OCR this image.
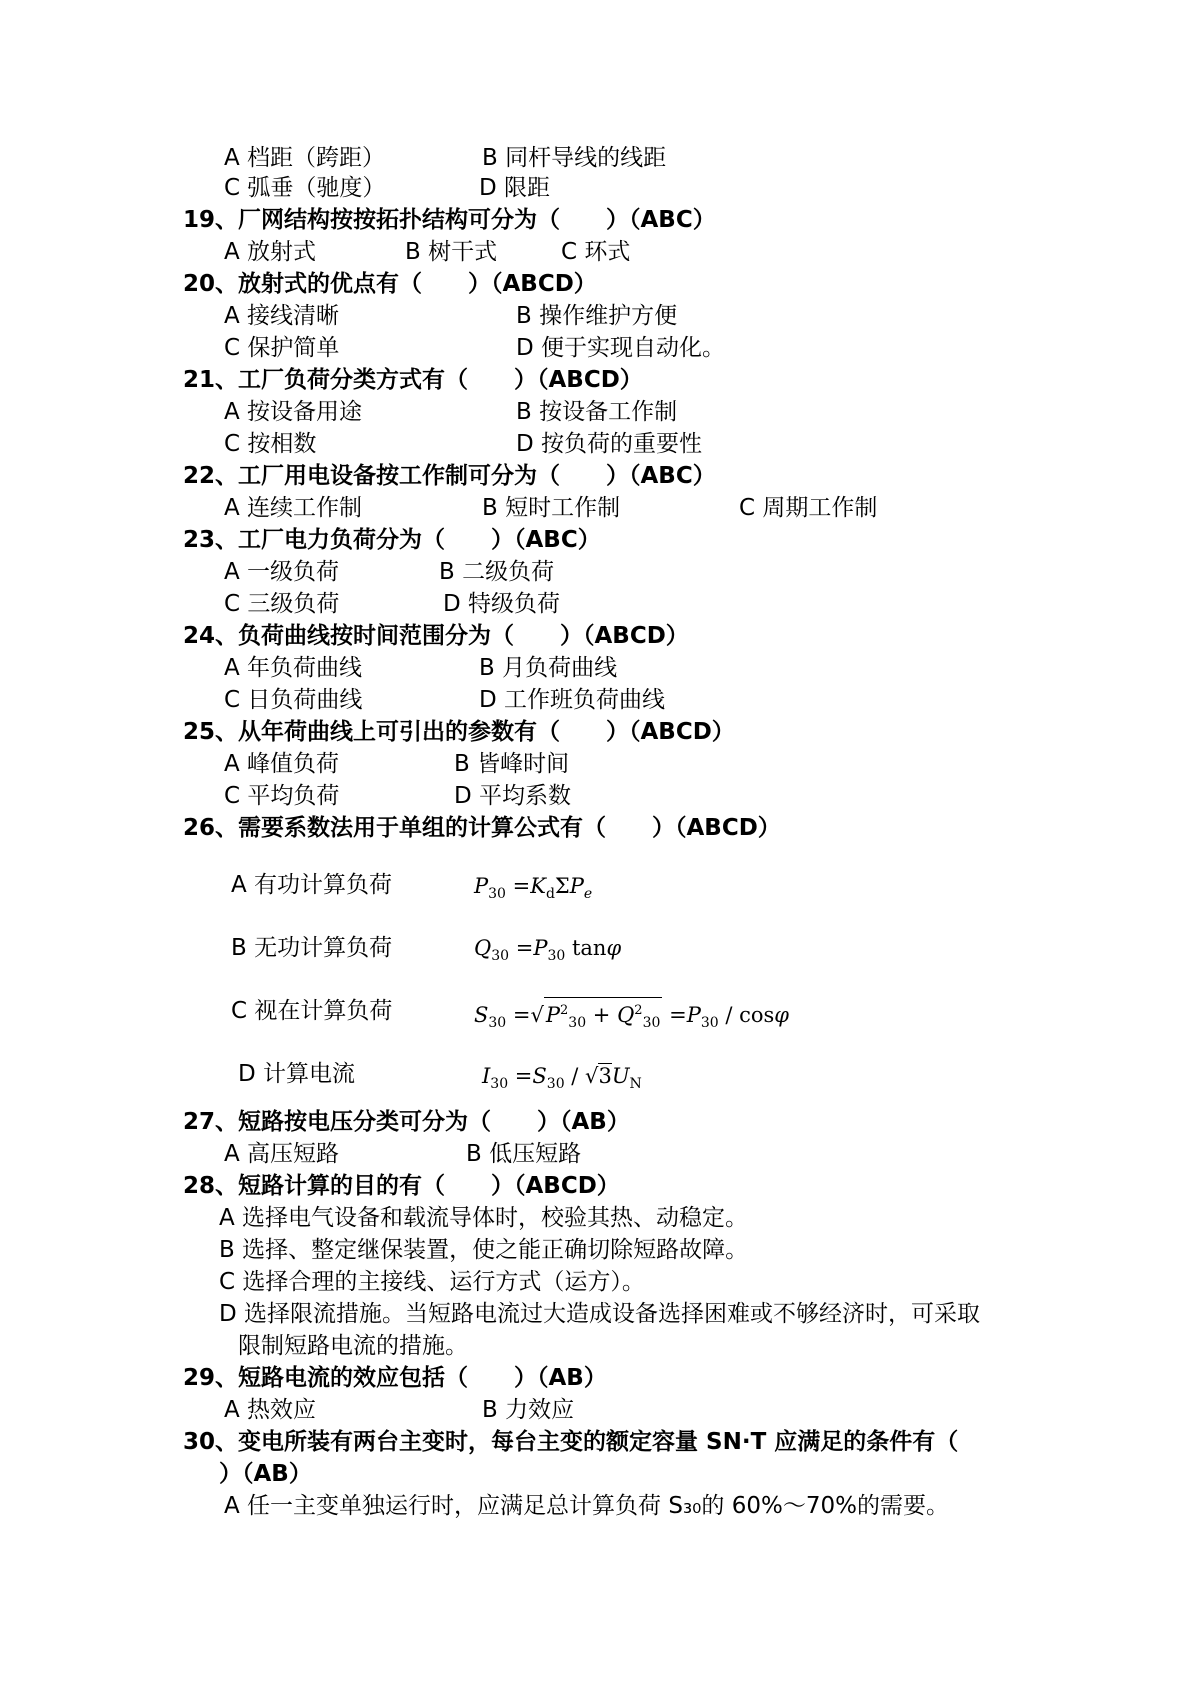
A 档距（跨距）	B 同杆导线的线距
C 弧垂（驰度）	D 限距
19、厂网结构按按拓扑结构可分为（　　）（ABC）
A 放射式	B 树干式	C 环式
20、放射式的优点有（　　）（ABCD）
A 接线清晰	B 操作维护方便
C 保护简单	D 便于实现自动化。
21、工厂负荷分类方式有（　　）（ABCD）
A 按设备用途	B 按设备工作制
C 按相数	D 按负荷的重要性
22、工厂用电设备按工作制可分为（　　）（ABC）
A 连续工作制	B 短时工作制	C 周期工作制
23、工厂电力负荷分为（　　）（ABC）
A 一级负荷	B 二级负荷
C 三级负荷	D 特级负荷
24、负荷曲线按时间范围分为（　　）（ABCD）
A 年负荷曲线	B 月负荷曲线
C 日负荷曲线	D 工作班负荷曲线
25、从年荷曲线上可引出的参数有（　　）（ABCD）
A 峰值负荷	B 皆峰时间
C 平均负荷	D 平均系数
26、需要系数法用于单组的计算公式有（　　）（ABCD）
A 有功计算负荷	$P_{30} =K_d\Sigma P_e$
B 无功计算负荷	$Q_{30} =P_{30}$ tanφ
C 视在计算负荷	$S_{30} =√P^2_{30} + Q^2_{30} =P_{30} / \cos\varphi$
D 计算电流	$I_{30} =S_{30} / √3U_N$
27、短路按电压分类可分为（　　）（AB）
A 高压短路	B 低压短路
28、短路计算的目的有（　　）（ABCD）
A 选择电气设备和载流导体时，校验其热、动稳定。
B 选择、整定继保装置，使之能正确切除短路故障。
C 选择合理的主接线、运行方式（运方）。
D 选择限流措施。当短路电流过大造成设备选择困难或不够经济时，可采取
限制短路电流的措施。
29、短路电流的效应包括（　　）（AB）
A 热效应	B 力效应
30、变电所装有两台主变时，每台主变的额定容量 SN·T 应满足的条件有（
）（AB）
A 任一主变单独运行时，应满足总计算负荷 S₃₀的 60%～70%的需要。
